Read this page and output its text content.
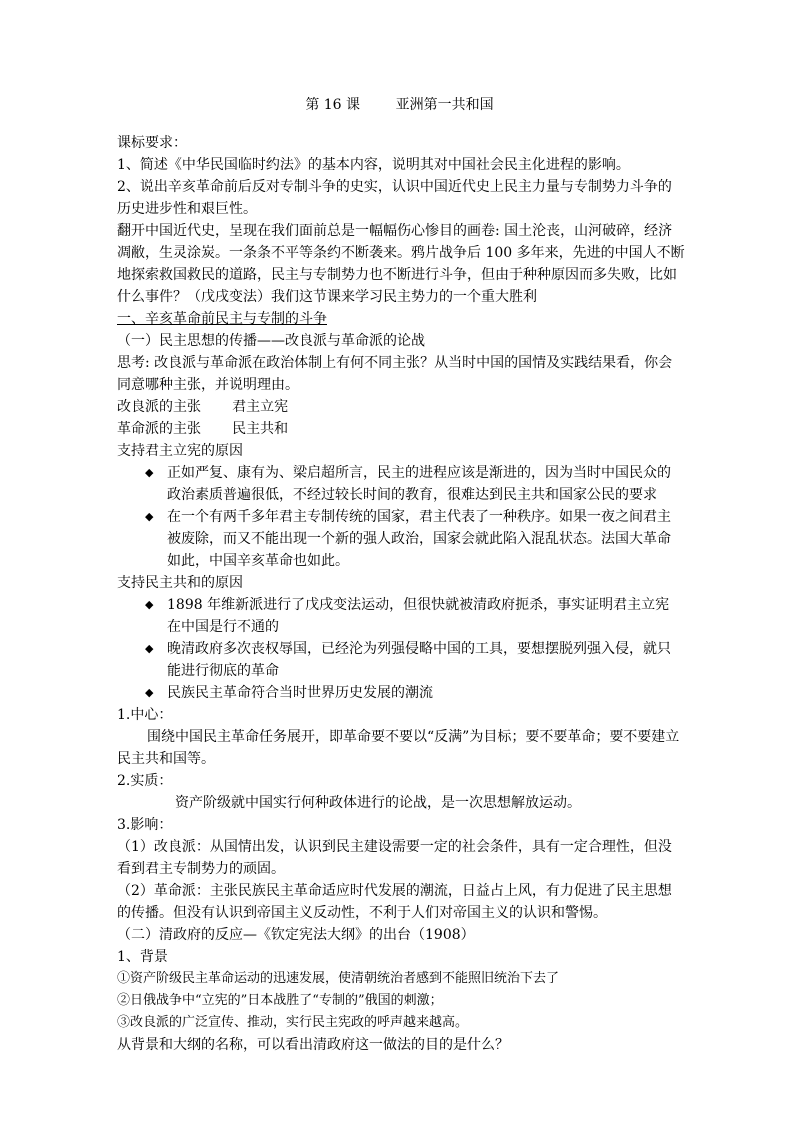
第 16 课        亚洲第一共和国
课标要求：
1、简述《中华民国临时约法》的基本内容，说明其对中国社会民主化进程的影响。
2、说出辛亥革命前后反对专制斗争的史实，认识中国近代史上民主力量与专制势力斗争的
历史进步性和艰巨性。
翻开中国近代史，呈现在我们面前总是一幅幅伤心惨目的画卷: 国土沦丧，山河破碎，经济
凋敝，生灵涂炭。一条条不平等条约不断袭来。鸦片战争后 100 多年来，先进的中国人不断
地探索救国救民的道路，民主与专制势力也不断进行斗争，但由于种种原因而多失败，比如
什么事件？（戊戌变法）我们这节课来学习民主势力的一个重大胜利
一、辛亥革命前民主与专制的斗争
（一）民主思想的传播——改良派与革命派的论战
思考: 改良派与革命派在政治体制上有何不同主张？从当时中国的国情及实践结果看，你会
同意哪种主张，并说明理由。
改良派的主张       君主立宪
革命派的主张       民主共和
支持君主立宪的原因
◆ 正如严复、康有为、梁启超所言，民主的进程应该是渐进的，因为当时中国民众的政治素质普遍很低，不经过较长时间的教育，很难达到民主共和国家公民的要求
◆ 在一个有两千多年君主专制传统的国家，君主代表了一种秩序。如果一夜之间君主被废除，而又不能出现一个新的强人政治，国家会就此陷入混乱状态。法国大革命如此，中国辛亥革命也如此。
支持民主共和的原因
◆ 1898 年维新派进行了戊戌变法运动，但很快就被清政府扼杀，事实证明君主立宪在中国是行不通的
◆ 晚清政府多次丧权辱国，已经沦为列强侵略中国的工具，要想摆脱列强入侵，就只能进行彻底的革命
◆ 民族民主革命符合当时世界历史发展的潮流
1.中心：
围绕中国民主革命任务展开，即革命要不要以“反满”为目标；要不要革命；要不要建立
民主共和国等。
2.实质：
资产阶级就中国实行何种政体进行的论战，是一次思想解放运动。
3.影响：
（1）改良派：从国情出发，认识到民主建设需要一定的社会条件，具有一定合理性，但没
看到君主专制势力的顽固。
（2）革命派：主张民族民主革命适应时代发展的潮流，日益占上风，有力促进了民主思想
的传播。但没有认识到帝国主义反动性，不利于人们对帝国主义的认识和警惕。
（二）清政府的反应—《钦定宪法大纲》的出台（1908）
1、背景
①资产阶级民主革命运动的迅速发展，使清朝统治者感到不能照旧统治下去了
②日俄战争中“立宪的”日本战胜了“专制的”俄国的刺激；
③改良派的广泛宣传、推动，实行民主宪政的呼声越来越高。
从背景和大纲的名称，可以看出清政府这一做法的目的是什么？
